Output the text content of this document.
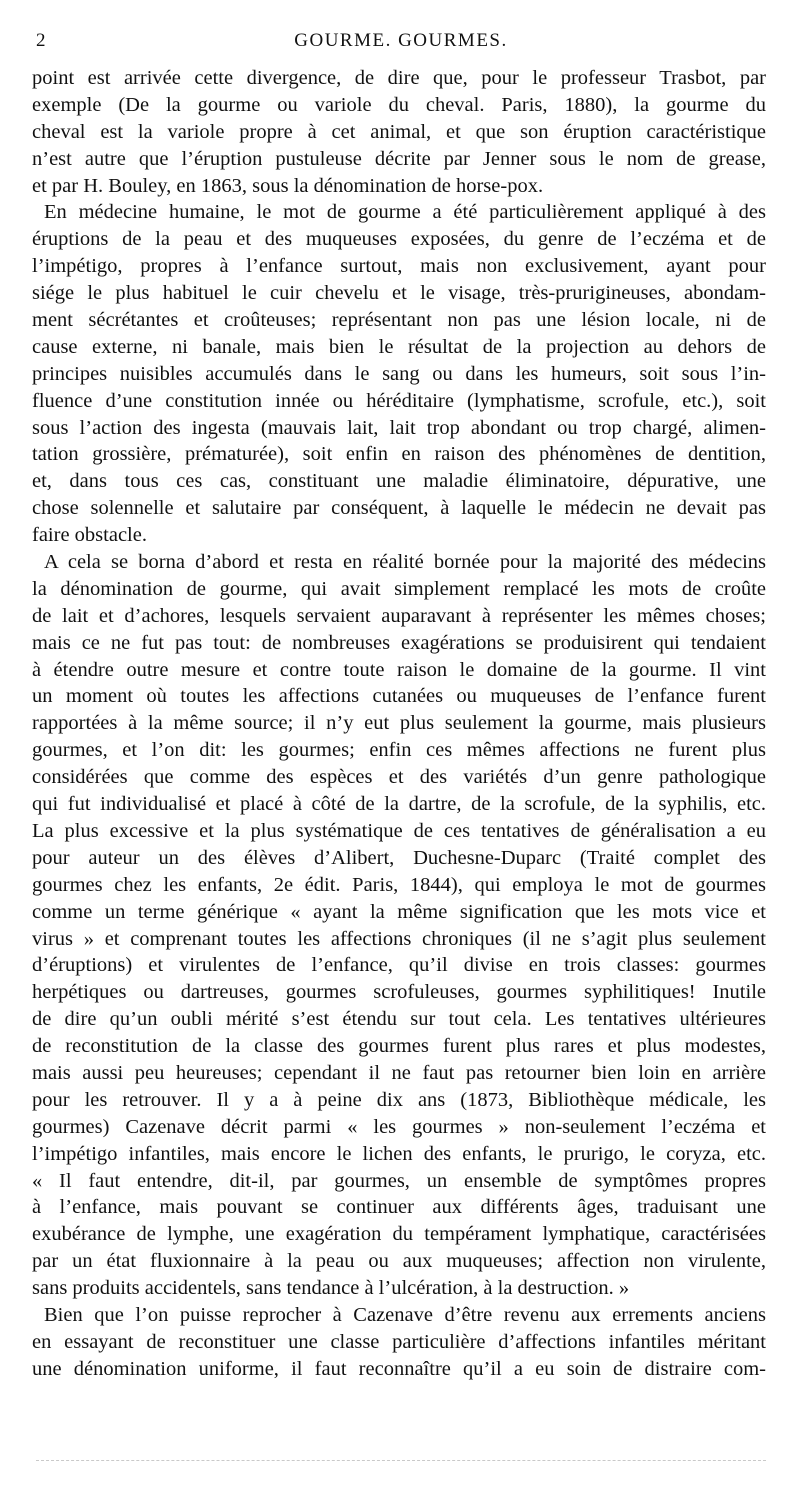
2	GOURME. GOURMES.
point est arrivée cette divergence, de dire que, pour le professeur Trasbot, par
exemple (De la gourme ou variole du cheval. Paris, 1880), la gourme du
cheval est la variole propre à cet animal, et que son éruption caractéristique
n’est autre que l’éruption pustuleuse décrite par Jenner sous le nom de grease,
et par H. Bouley, en 1863, sous la dénomination de horse-pox.
En médecine humaine, le mot de gourme a été particulièrement appliqué à des
éruptions de la peau et des muqueuses exposées, du genre de l’eczéma et de
l’impétigo, propres à l’enfance surtout, mais non exclusivement, ayant pour
siége le plus habituel le cuir chevelu et le visage, très-prurigineuses, abondam-
ment sécrétantes et croûteuses; représentant non pas une lésion locale, ni de
cause externe, ni banale, mais bien le résultat de la projection au dehors de
principes nuisibles accumulés dans le sang ou dans les humeurs, soit sous l’in-
fluence d’une constitution innée ou héréditaire (lymphatisme, scrofule, etc.), soit
sous l’action des ingesta (mauvais lait, lait trop abondant ou trop chargé, alimen-
tation grossière, prématurée), soit enfin en raison des phénomènes de dentition,
et, dans tous ces cas, constituant une maladie éliminatoire, dépurative, une
chose solennelle et salutaire par conséquent, à laquelle le médecin ne devait pas
faire obstacle.
A cela se borna d’abord et resta en réalité bornée pour la majorité des médecins
la dénomination de gourme, qui avait simplement remplacé les mots de croûte
de lait et d’achores, lesquels servaient auparavant à représenter les mêmes choses;
mais ce ne fut pas tout: de nombreuses exagérations se produisirent qui tendaient
à étendre outre mesure et contre toute raison le domaine de la gourme. Il vint
un moment où toutes les affections cutanées ou muqueuses de l’enfance furent
rapportées à la même source; il n’y eut plus seulement la gourme, mais plusieurs
gourmes, et l’on dit: les gourmes; enfin ces mêmes affections ne furent plus
considérées que comme des espèces et des variétés d’un genre pathologique
qui fut individualisé et placé à côté de la dartre, de la scrofule, de la syphilis, etc.
La plus excessive et la plus systématique de ces tentatives de généralisation a eu
pour auteur un des élèves d’Alibert, Duchesne-Duparc (Traité complet des
gourmes chez les enfants, 2e édit. Paris, 1844), qui employa le mot de gourmes
comme un terme générique « ayant la même signification que les mots vice et
virus » et comprenant toutes les affections chroniques (il ne s’agit plus seulement
d’éruptions) et virulentes de l’enfance, qu’il divise en trois classes: gourmes
herpétiques ou dartreuses, gourmes scrofuleuses, gourmes syphilitiques! Inutile
de dire qu’un oubli mérité s’est étendu sur tout cela. Les tentatives ultérieures
de reconstitution de la classe des gourmes furent plus rares et plus modestes,
mais aussi peu heureuses; cependant il ne faut pas retourner bien loin en arrière
pour les retrouver. Il y a à peine dix ans (1873, Bibliothèque médicale, les
gourmes) Cazenave décrit parmi « les gourmes » non-seulement l’eczéma et
l’impétigo infantiles, mais encore le lichen des enfants, le prurigo, le coryza, etc.
« Il faut entendre, dit-il, par gourmes, un ensemble de symptômes propres
à l’enfance, mais pouvant se continuer aux différents âges, traduisant une
exubérance de lymphe, une exagération du tempérament lymphatique, caractérisées
par un état fluxionnaire à la peau ou aux muqueuses; affection non virulente,
sans produits accidentels, sans tendance à l’ulcération, à la destruction. »
Bien que l’on puisse reprocher à Cazenave d’être revenu aux errements anciens
en essayant de reconstituer une classe particulière d’affections infantiles méritant
une dénomination uniforme, il faut reconnaître qu’il a eu soin de distraire com-
